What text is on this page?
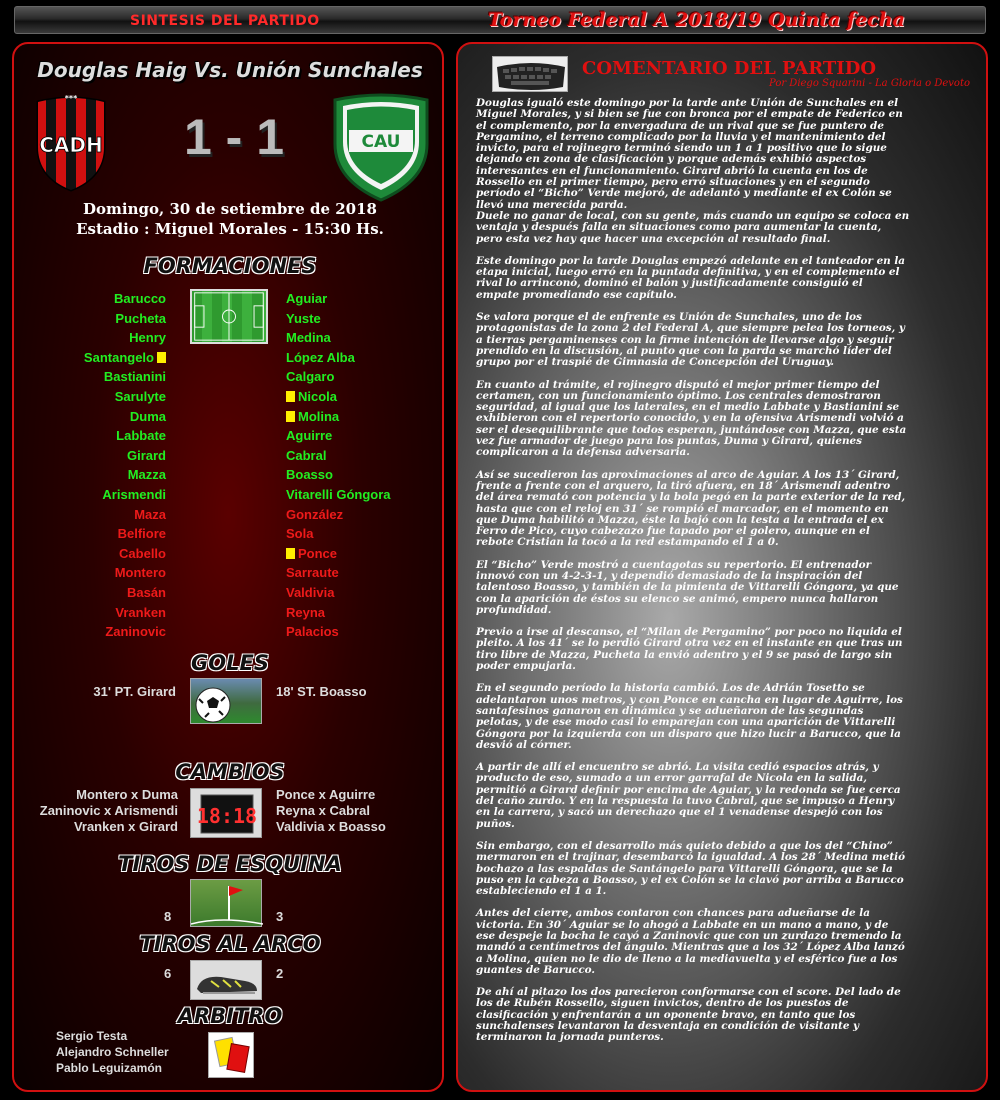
SINTESIS DEL PARTIDO	Torneo Federal A 2018/19 Quinta fecha
Douglas Haig Vs. Unión Sunchales
***
CADH 1 - 1	CAU
Domingo, 30 de setiembre de 2018
Estadio : Miguel Morales - 15:30 Hs.
FORMACIONES
Barucco
Pucheta
Henry
Santangelo
Bastianini
Sarulyte
Duma
Labbate
Girard
Mazza
Arismendi
Maza
Belfiore
Cabello
Montero
Basán
Vranken
Zaninovic
Aguiar
Yuste
Medina
López Alba
Calgaro
Nicola
Molina
Aguirre
Cabral
Boasso
Vitarelli Góngora
González
Sola
Ponce
Sarraute
Valdivia
Reyna
Palacios
GOLES
31' PT. Girard	18' ST. Boasso
CAMBIOS
Montero x Duma
Zaninovic x Arismendi
Vranken x Girard 18:18
Ponce x Aguirre
Reyna x Cabral
Valdivia x Boasso
TIROS DE ESQUINA
8	3
TIROS AL ARCO
6	2
ARBITRO
Sergio Testa
Alejandro Schneller
Pablo Leguizamón
COMENTARIO DEL PARTIDO
Por Diego Squarini - La Gloria o Devoto

Douglas igualó este domingo por la tarde ante Unión de Sunchales en el
Miguel Morales, y si bien se fue con bronca por el empate de Federico en
el complemento, por la envergadura de un rival que se fue puntero de
Pergamino, el terreno complicado por la lluvia y el mantenimiento del
invicto, para el rojinegro terminó siendo un 1 a 1 positivo que lo sigue
dejando en zona de clasificación y porque además exhibió aspectos
interesantes en el funcionamiento. Girard abrió la cuenta en los de
Rossello en el primer tiempo, pero erró situaciones y en el segundo
período el “Bicho” Verde mejoró, de adelantó y mediante el ex Colón se
llevó una merecida parda.
Duele no ganar de local, con su gente, más cuando un equipo se coloca en
ventaja y después falla en situaciones como para aumentar la cuenta,
pero esta vez hay que hacer una excepción al resultado final.

Este domingo por la tarde Douglas empezó adelante en el tanteador en la
etapa inicial, luego erró en la puntada definitiva, y en el complemento el
rival lo arrinconó, dominó el balón y justificadamente consiguió el
empate promediando ese capítulo.

Se valora porque el de enfrente es Unión de Sunchales, uno de los
protagonistas de la zona 2 del Federal A, que siempre pelea los torneos, y
a tierras pergaminenses con la firme intención de llevarse algo y seguir
prendido en la discusión, al punto que con la parda se marchó líder del
grupo por el traspié de Gimnasia de Concepción del Uruguay.

En cuanto al trámite, el rojinegro disputó el mejor primer tiempo del
certamen, con un funcionamiento óptimo. Los centrales demostraron
seguridad, al igual que los laterales, en el medio Labbate y Bastianini se
exhibieron con el repertorio conocido, y en la ofensiva Arismendi volvió a
ser el desequilibrante que todos esperan, juntándose con Mazza, que esta
vez fue armador de juego para los puntas, Duma y Girard, quienes
complicaron a la defensa adversaria.

Así se sucedieron las aproximaciones al arco de Aguiar. A los 13´ Girard,
frente a frente con el arquero, la tiró afuera, en 18´ Arismendi adentro
del área remató con potencia y la bola pegó en la parte exterior de la red,
hasta que con el reloj en 31´ se rompió el marcador, en el momento en
que Duma habilitó a Mazza, éste la bajó con la testa a la entrada el ex
Ferro de Pico, cuyo cabezazo fue tapado por el golero, aunque en el
rebote Cristian la tocó a la red estampando el 1 a 0.

El “Bicho” Verde mostró a cuentagotas su repertorio. El entrenador
innovó con un 4-2-3-1, y dependió demasiado de la inspiración del
talentoso Boasso, y también de la pimienta de Vittarelli Góngora, ya que
con la aparición de éstos su elenco se animó, empero nunca hallaron
profundidad.

Previo a irse al descanso, el “Milan de Pergamino” por poco no liquida el
pleito. A los 41´ se lo perdió Girard otra vez en el instante en que tras un
tiro libre de Mazza, Pucheta la envió adentro y el 9 se pasó de largo sin
poder empujarla.

En el segundo período la historia cambió. Los de Adrián Tosetto se
adelantaron unos metros, y con Ponce en cancha en lugar de Aguirre, los
santafesinos ganaron en dinámica y se adueñaron de las segundas
pelotas, y de ese modo casi lo emparejan con una aparición de Vittarelli
Góngora por la izquierda con un disparo que hizo lucir a Barucco, que la
desvió al córner.

A partir de allí el encuentro se abrió. La visita cedió espacios atrás, y
producto de eso, sumado a un error garrafal de Nicola en la salida,
permitió a Girard definir por encima de Aguiar, y la redonda se fue cerca
del caño zurdo. Y en la respuesta la tuvo Cabral, que se impuso a Henry
en la carrera, y sacó un derechazo que el 1 venadense despejó con los
puños.

Sin embargo, con el desarrollo más quieto debido a que los del “Chino”
mermaron en el trajinar, desembarcó la igualdad. A los 28´ Medina metió
bochazo a las espaldas de Santángelo para Vittarelli Góngora, que se la
puso en la cabeza a Boasso, y el ex Colón se la clavó por arriba a Barucco
estableciendo el 1 a 1.

Antes del cierre, ambos contaron con chances para adueñarse de la
victoria. En 30´ Aguiar se lo ahogó a Labbate en un mano a mano, y de
ese despeje la bocha le cayó a Zaninovic que con un zurdazo tremendo la
mandó a centímetros del ángulo. Mientras que a los 32´ López Alba lanzó
a Molina, quien no le dio de lleno a la mediavuelta y el esférico fue a los
guantes de Barucco.

De ahí al pitazo los dos parecieron conformarse con el score. Del lado de
los de Rubén Rossello, siguen invictos, dentro de los puestos de
clasificación y enfrentarán a un oponente bravo, en tanto que los
sunchalenses levantaron la desventaja en condición de visitante y
terminaron la jornada punteros.
